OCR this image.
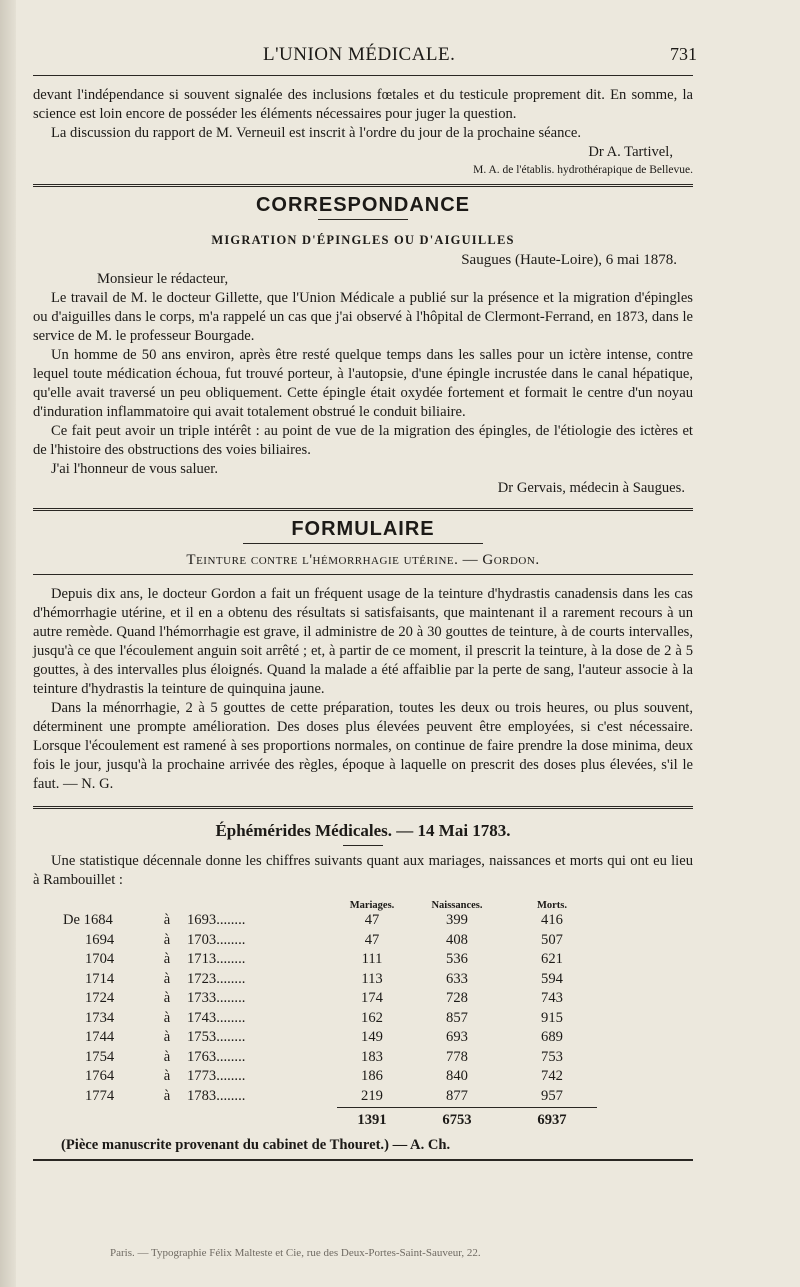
L'UNION MÉDICALE.	731

devant l'indépendance si souvent signalée des inclusions fœtales et du testicule proprement dit. En somme, la science est loin encore de posséder les éléments nécessaires pour juger la question.

La discussion du rapport de M. Verneuil est inscrit à l'ordre du jour de la prochaine séance.

Dr A. Tartivel,
M. A. de l'établis. hydrothérapique de Bellevue.
CORRESPONDANCE
MIGRATION D'ÉPINGLES OU D'AIGUILLES
Saugues (Haute-Loire), 6 mai 1878.

Monsieur le rédacteur,

Le travail de M. le docteur Gillette, que l'Union Médicale a publié sur la présence et la migration d'épingles ou d'aiguilles dans le corps, m'a rappelé un cas que j'ai observé à l'hôpital de Clermont-Ferrand, en 1873, dans le service de M. le professeur Bourgade.

Un homme de 50 ans environ, après être resté quelque temps dans les salles pour un ictère intense, contre lequel toute médication échoua, fut trouvé porteur, à l'autopsie, d'une épingle incrustée dans le canal hépatique, qu'elle avait traversé un peu obliquement. Cette épingle était oxydée fortement et formait le centre d'un noyau d'induration inflammatoire qui avait totalement obstrué le conduit biliaire.

Ce fait peut avoir un triple intérêt : au point de vue de la migration des épingles, de l'étiologie des ictères et de l'histoire des obstructions des voies biliaires.

J'ai l'honneur de vous saluer.

Dr Gervais, médecin à Saugues.
FORMULAIRE
Teinture contre l'hémorrhagie utérine. — Gordon.

Depuis dix ans, le docteur Gordon a fait un fréquent usage de la teinture d'hydrastis canadensis dans les cas d'hémorrhagie utérine, et il en a obtenu des résultats si satisfaisants, que maintenant il a rarement recours à un autre remède. Quand l'hémorrhagie est grave, il administre de 20 à 30 gouttes de teinture, à de courts intervalles, jusqu'à ce que l'écoulement anguin soit arrêté ; et, à partir de ce moment, il prescrit la teinture, à la dose de 2 à 5 gouttes, à des intervalles plus éloignés. Quand la malade a été affaiblie par la perte de sang, l'auteur associe à la teinture d'hydrastis la teinture de quinquina jaune.

Dans la ménorrhagie, 2 à 5 gouttes de cette préparation, toutes les deux ou trois heures, ou plus souvent, déterminent une prompte amélioration. Des doses plus élevées peuvent être employées, si c'est nécessaire. Lorsque l'écoulement est ramené à ses proportions normales, on continue de faire prendre la dose minima, deux fois le jour, jusqu'à la prochaine arrivée des règles, époque à laquelle on prescrit des doses plus élevées, s'il le faut. — N. G.

Éphémérides Médicales. — 14 Mai 1783.

Une statistique décennale donne les chiffres suivants quant aux mariages, naissances et morts qui ont eu lieu à Rambouillet :

			Mariages.	Naissances.	Morts.
De 1684	à	1693........	47	399	416
1694	à	1703........	47	408	507
1704	à	1713........	111	536	621
1714	à	1723........	113	633	594
1724	à	1733........	174	728	743
1734	à	1743........	162	857	915
1744	à	1753........	149	693	689
1754	à	1763........	183	778	753
1764	à	1773........	186	840	742
1774	à	1783........	219	877	957
			1391	6753	6937

(Pièce manuscrite provenant du cabinet de Thouret.) — A. Ch.

Paris. — Typographie Félix Malteste et Cie, rue des Deux-Portes-Saint-Sauveur, 22.
